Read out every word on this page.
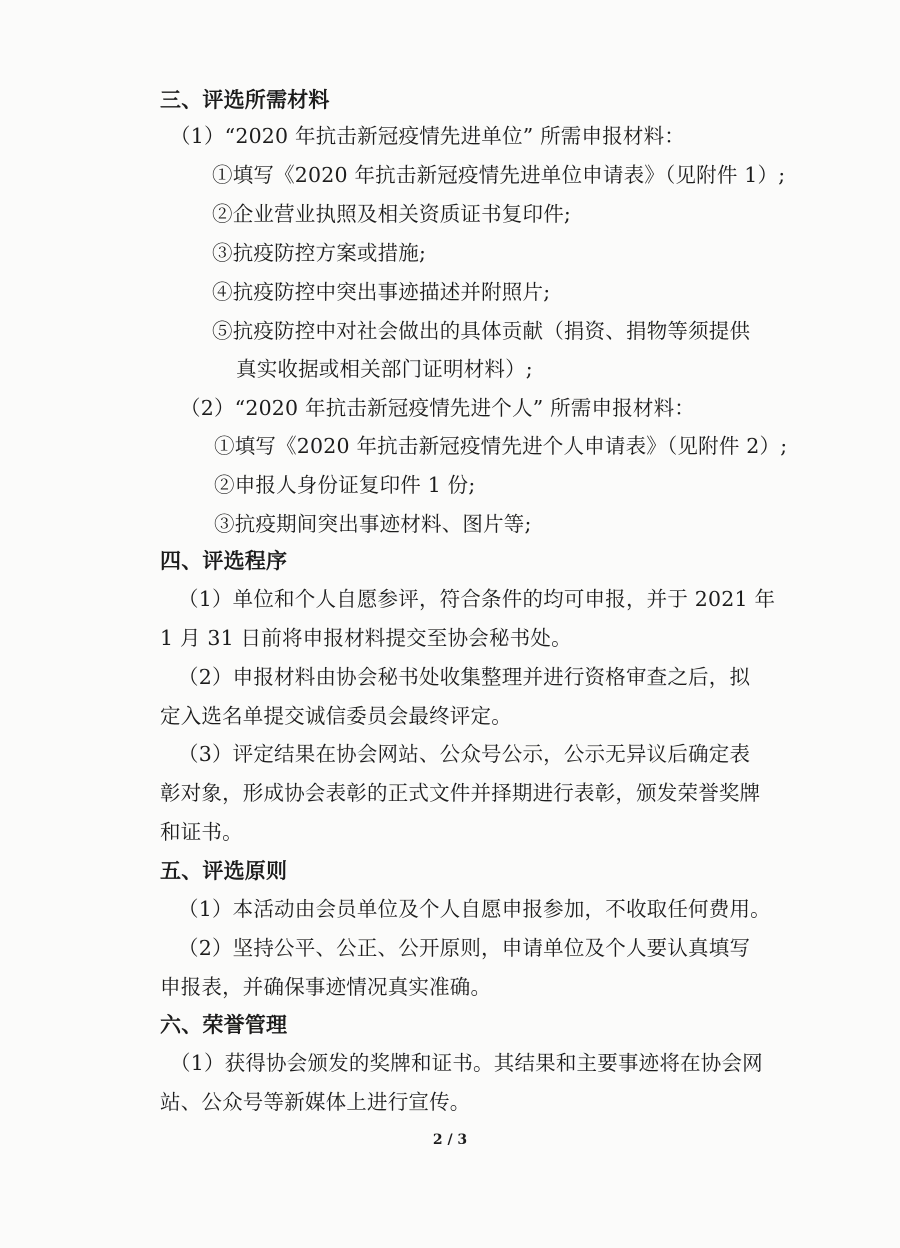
三、评选所需材料
（1）“2020 年抗击新冠疫情先进单位” 所需申报材料：
①填写《2020 年抗击新冠疫情先进单位申请表》（见附件 1）;
②企业营业执照及相关资质证书复印件;
③抗疫防控方案或措施;
④抗疫防控中突出事迹描述并附照片;
⑤抗疫防控中对社会做出的具体贡献（捐资、捐物等须提供
真实收据或相关部门证明材料）;
（2）“2020 年抗击新冠疫情先进个人” 所需申报材料：
①填写《2020 年抗击新冠疫情先进个人申请表》（见附件 2）;
②申报人身份证复印件 1 份;
③抗疫期间突出事迹材料、图片等;
四、评选程序
（1）单位和个人自愿参评，符合条件的均可申报，并于 2021 年
1 月 31 日前将申报材料提交至协会秘书处。
（2）申报材料由协会秘书处收集整理并进行资格审查之后，拟
定入选名单提交诚信委员会最终评定。
（3）评定结果在协会网站、公众号公示，公示无异议后确定表
彰对象，形成协会表彰的正式文件并择期进行表彰，颁发荣誉奖牌
和证书。
五、评选原则
（1）本活动由会员单位及个人自愿申报参加，不收取任何费用。
（2）坚持公平、公正、公开原则，申请单位及个人要认真填写
申报表，并确保事迹情况真实准确。
六、荣誉管理
（1）获得协会颁发的奖牌和证书。其结果和主要事迹将在协会网
站、公众号等新媒体上进行宣传。
2 / 3
